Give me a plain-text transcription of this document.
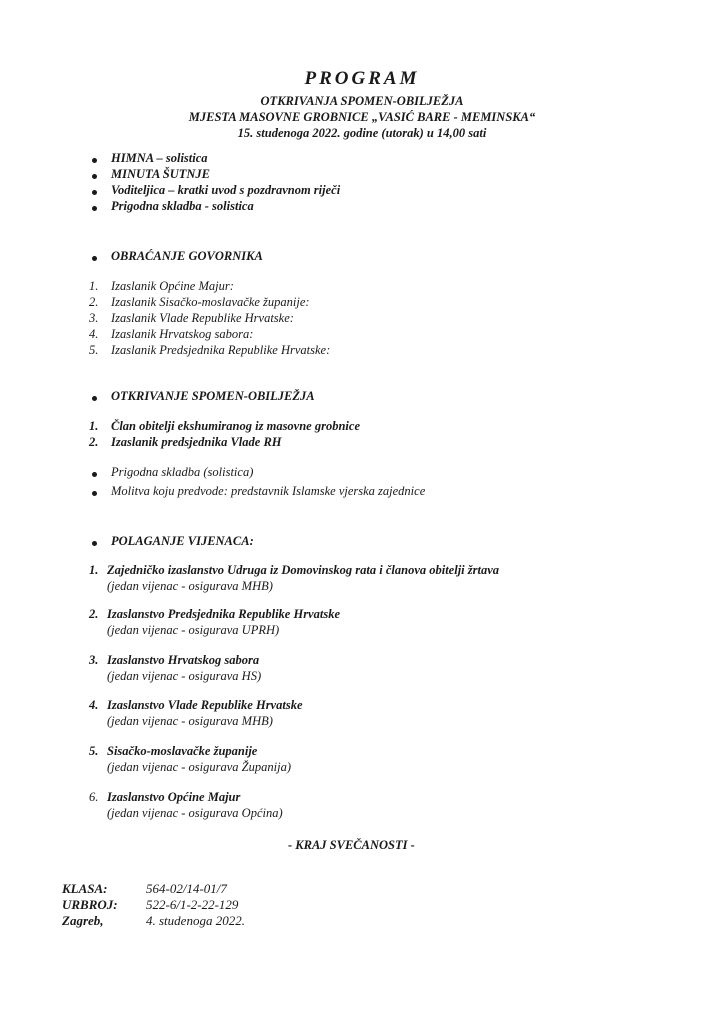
PROGRAM
OTKRIVANJA SPOMEN-OBILJEŽJA
MJESTA MASOVNE GROBNICE „VASIĆ BARE - MEMINSKA“
15. studenoga 2022. godine (utorak) u 14,00 sati
HIMNA – solistica
MINUTA ŠUTNJE
Voditeljica – kratki uvod s pozdravnom riječi
Prigodna skladba - solistica
OBRAĆANJE GOVORNIKA
1. Izaslanik Općine Majur:
2. Izaslanik Sisačko-moslavačke županije:
3. Izaslanik Vlade Republike Hrvatske:
4. Izaslanik Hrvatskog sabora:
5. Izaslanik Predsjednika Republike Hrvatske:
OTKRIVANJE SPOMEN-OBILJEŽJA
1. Član obitelji ekshumiranog iz masovne grobnice
2. Izaslanik predsjednika Vlade RH
Prigodna skladba (solistica)
Molitva koju predvode: predstavnik Islamske vjerska zajednice
POLAGANJE VIJENACA:
1. Zajedničko izaslanstvo Udruga iz Domovinskog rata i članova obitelji žrtava
(jedan vijenac - osigurava MHB)
2. Izaslanstvo Predsjednika Republike Hrvatske
(jedan vijenac - osigurava UPRH)
3. Izaslanstvo Hrvatskog sabora
(jedan vijenac - osigurava HS)
4. Izaslanstvo Vlade Republike Hrvatske
(jedan vijenac - osigurava MHB)
5. Sisačko-moslavačke županije
(jedan vijenac - osigurava Županija)
6. Izaslanstvo Općine Majur
(jedan vijenac - osigurava Općina)
- KRAJ SVEČANOSTI -
KLASA:	564-02/14-01/7
URBROJ: 522-6/1-2-22-129
Zagreb,	4. studenoga 2022.
